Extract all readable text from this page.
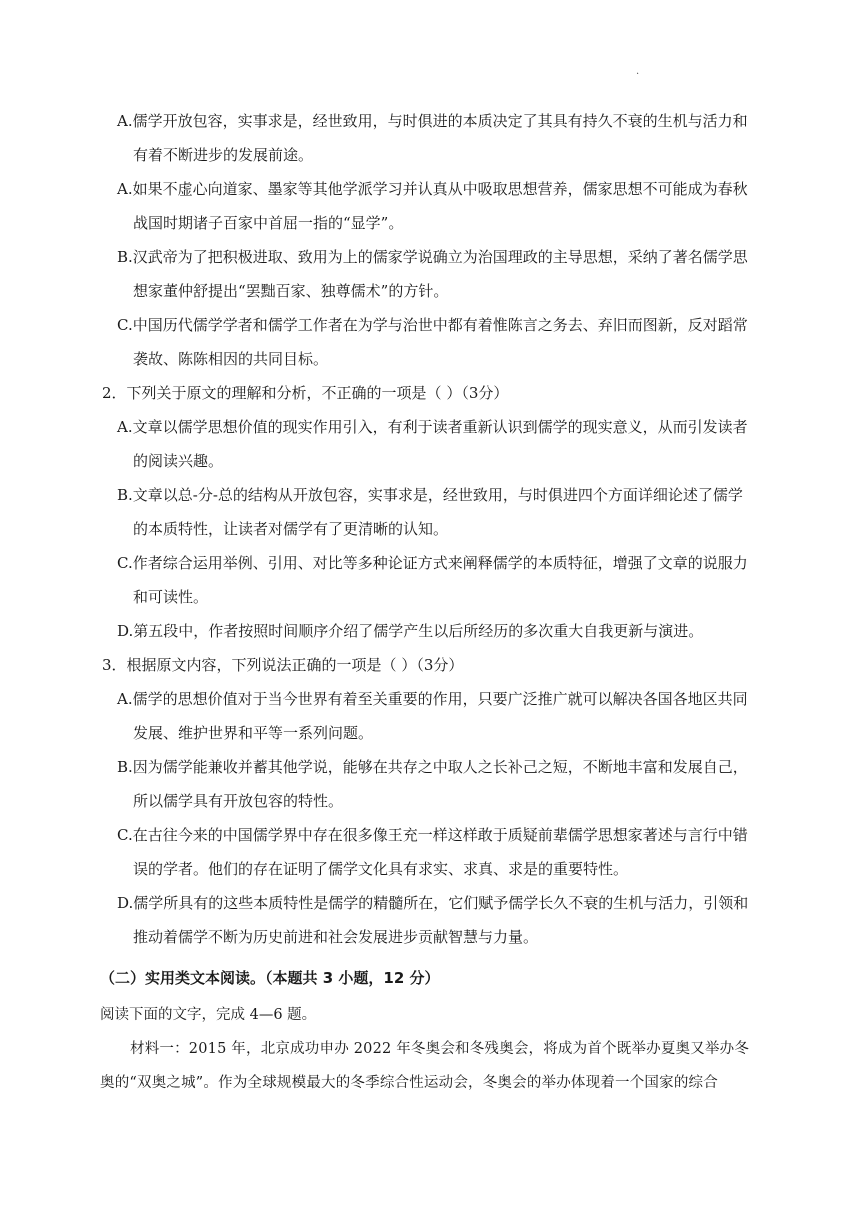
.
A.儒学开放包容，实事求是，经世致用，与时俱进的本质决定了其具有持久不衰的生机与活力和
有着不断进步的发展前途。
A.如果不虚心向道家、墨家等其他学派学习并认真从中吸取思想营养，儒家思想不可能成为春秋
战国时期诸子百家中首屈一指的“显学”。
B.汉武帝为了把积极进取、致用为上的儒家学说确立为治国理政的主导思想，采纳了著名儒学思
想家董仲舒提出“罢黜百家、独尊儒术”的方针。
C.中国历代儒学学者和儒学工作者在为学与治世中都有着惟陈言之务去、弃旧而图新，反对蹈常
袭故、陈陈相因的共同目标。
2．下列关于原文的理解和分析，不正确的一项是（ ）（3分）
A.文章以儒学思想价值的现实作用引入，有利于读者重新认识到儒学的现实意义，从而引发读者
的阅读兴趣。
B.文章以总-分-总的结构从开放包容，实事求是，经世致用，与时俱进四个方面详细论述了儒学
的本质特性，让读者对儒学有了更清晰的认知。
C.作者综合运用举例、引用、对比等多种论证方式来阐释儒学的本质特征，增强了文章的说服力
和可读性。
D.第五段中，作者按照时间顺序介绍了儒学产生以后所经历的多次重大自我更新与演进。
3．根据原文内容，下列说法正确的一项是（ ）（3分）
A.儒学的思想价值对于当今世界有着至关重要的作用，只要广泛推广就可以解决各国各地区共同
发展、维护世界和平等一系列问题。
B.因为儒学能兼收并蓄其他学说，能够在共存之中取人之长补己之短，不断地丰富和发展自己，
所以儒学具有开放包容的特性。
C.在古往今来的中国儒学界中存在很多像王充一样这样敢于质疑前辈儒学思想家著述与言行中错
误的学者。他们的存在证明了儒学文化具有求实、求真、求是的重要特性。
D.儒学所具有的这些本质特性是儒学的精髓所在，它们赋予儒学长久不衰的生机与活力，引领和
推动着儒学不断为历史前进和社会发展进步贡献智慧与力量。
（二）实用类文本阅读。（本题共 3 小题，12 分）
阅读下面的文字，完成 4—6 题。
材料一：2015 年，北京成功申办 2022 年冬奥会和冬残奥会，将成为首个既举办夏奥又举办冬
奥的“双奥之城”。作为全球规模最大的冬季综合性运动会，冬奥会的举办体现着一个国家的综合
